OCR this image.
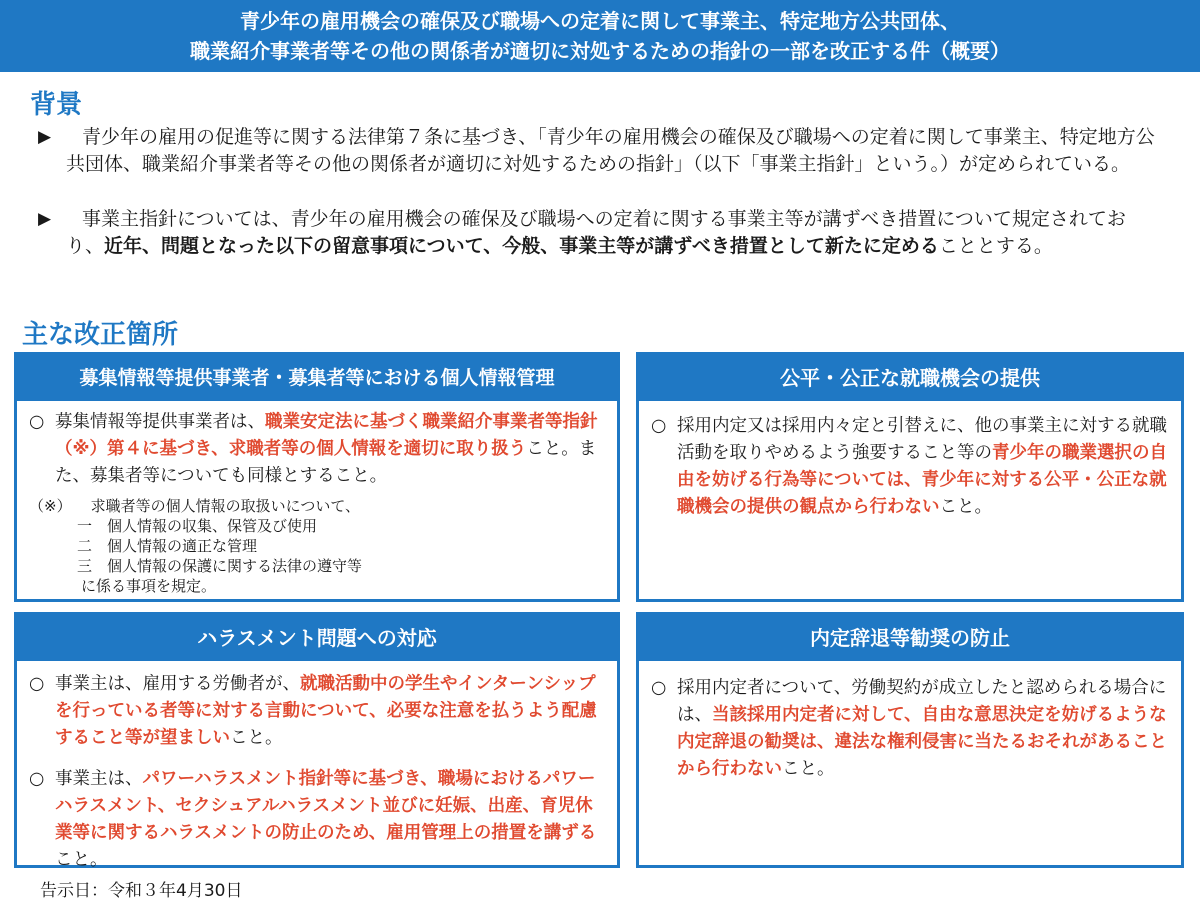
青少年の雇用機会の確保及び職場への定着に関して事業主、特定地方公共団体、
職業紹介事業者等その他の関係者が適切に対処するための指針の一部を改正する件（概要）
背景
▶	青少年の雇用の促進等に関する法律第７条に基づき、「青少年の雇用機会の確保及び職場への定着に関して事業主、特定地方公共団体、職業紹介事業者等その他の関係者が適切に対処するための指針」（以下「事業主指針」という。）が定められている。
▶	事業主指針については、青少年の雇用機会の確保及び職場への定着に関する事業主等が講ずべき措置について規定されており、近年、問題となった以下の留意事項について、今般、事業主等が講ずべき措置として新たに定めることとする。
主な改正箇所
募集情報等提供事業者・募集者等における個人情報管理
○ 募集情報等提供事業者は、職業安定法に基づく職業紹介事業者等指針（※）第４に基づき、求職者等の個人情報を適切に取り扱うこと。また、募集者等についても同様とすること。
（※） 求職者等の個人情報の取扱いについて、
一　個人情報の収集、保管及び使用
二　個人情報の適正な管理
三　個人情報の保護に関する法律の遵守等
に係る事項を規定。
公平・公正な就職機会の提供
○ 採用内定又は採用内々定と引替えに、他の事業主に対する就職活動を取りやめるよう強要すること等の青少年の職業選択の自由を妨げる行為等については、青少年に対する公平・公正な就職機会の提供の観点から行わないこと。
ハラスメント問題への対応
○ 事業主は、雇用する労働者が、就職活動中の学生やインターンシップを行っている者等に対する言動について、必要な注意を払うよう配慮すること等が望ましいこと。
○ 事業主は、パワーハラスメント指針等に基づき、職場におけるパワーハラスメント、セクシュアルハラスメント並びに妊娠、出産、育児休業等に関するハラスメントの防止のため、雇用管理上の措置を講ずること。
内定辞退等勧奨の防止
○ 採用内定者について、労働契約が成立したと認められる場合には、当該採用内定者に対して、自由な意思決定を妨げるような内定辞退の勧奨は、違法な権利侵害に当たるおそれがあることから行わないこと。
告示日：令和３年4月30日
